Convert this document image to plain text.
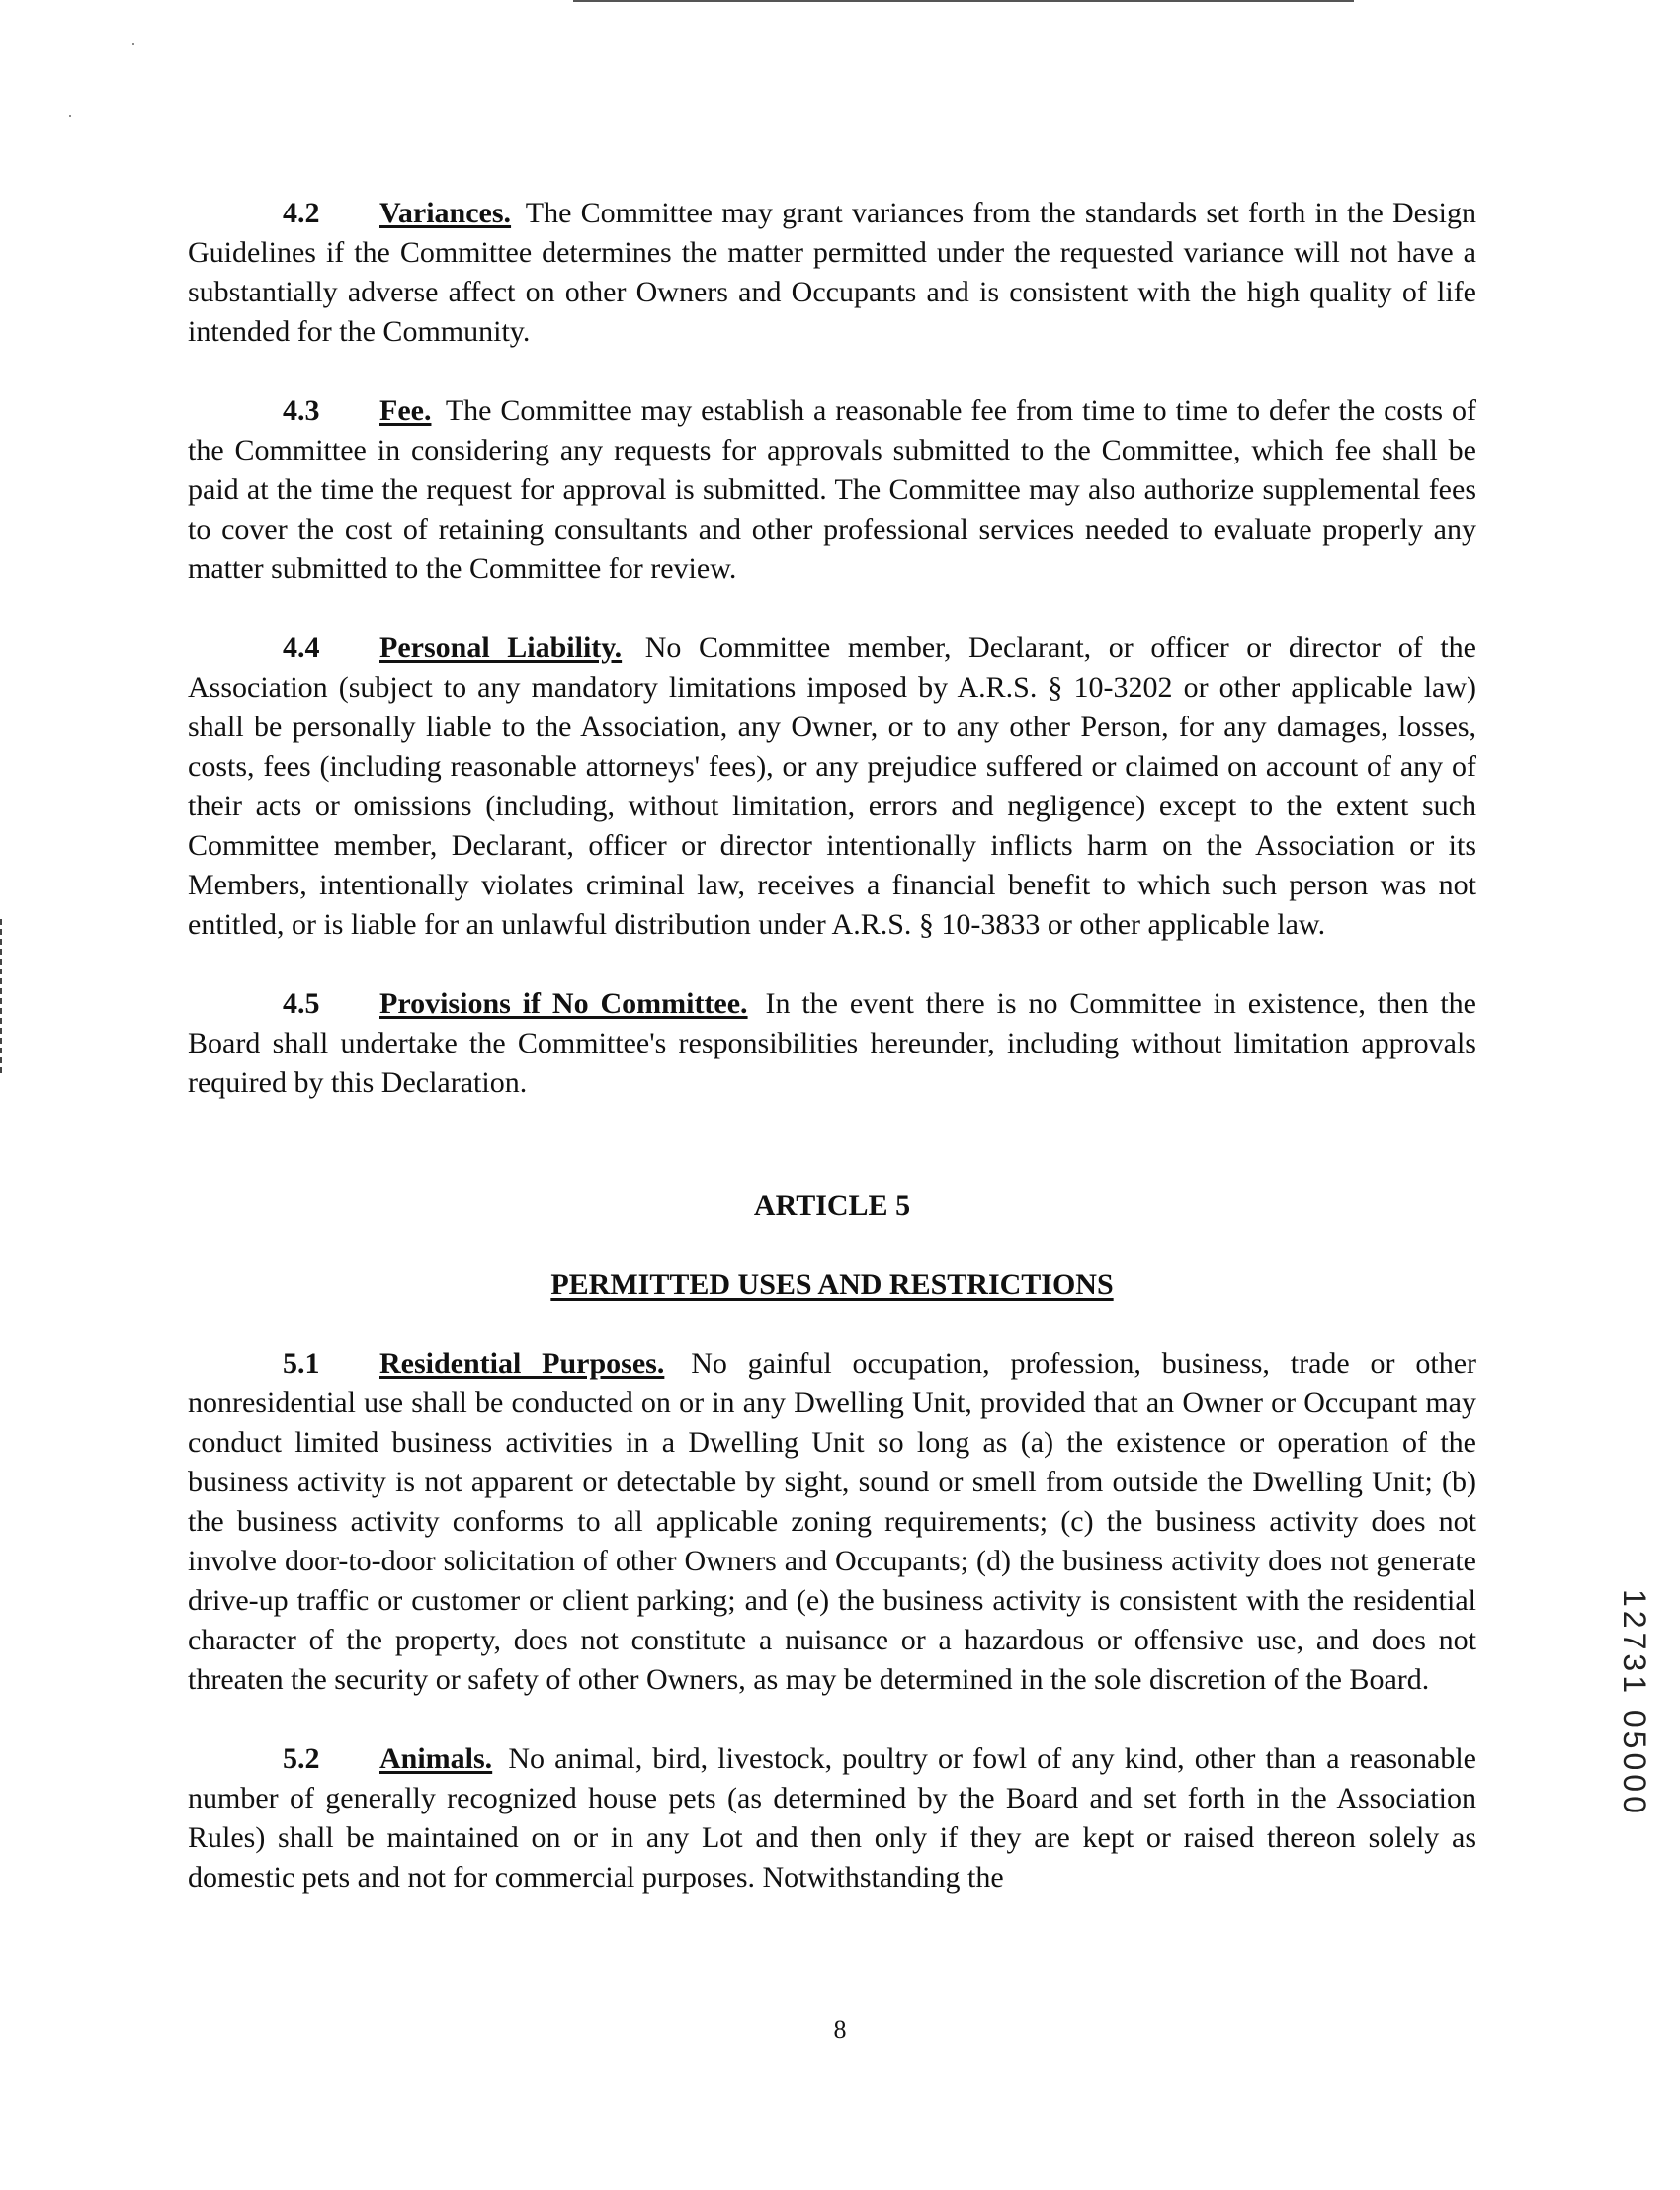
4.2 Variances. The Committee may grant variances from the standards set forth in the Design Guidelines if the Committee determines the matter permitted under the requested variance will not have a substantially adverse affect on other Owners and Occupants and is consistent with the high quality of life intended for the Community.

4.3 Fee. The Committee may establish a reasonable fee from time to time to defer the costs of the Committee in considering any requests for approvals submitted to the Committee, which fee shall be paid at the time the request for approval is submitted. The Committee may also authorize supplemental fees to cover the cost of retaining consultants and other professional services needed to evaluate properly any matter submitted to the Committee for review.

4.4 Personal Liability. No Committee member, Declarant, or officer or director of the Association (subject to any mandatory limitations imposed by A.R.S. § 10-3202 or other applicable law) shall be personally liable to the Association, any Owner, or to any other Person, for any damages, losses, costs, fees (including reasonable attorneys' fees), or any prejudice suffered or claimed on account of any of their acts or omissions (including, without limitation, errors and negligence) except to the extent such Committee member, Declarant, officer or director intentionally inflicts harm on the Association or its Members, intentionally violates criminal law, receives a financial benefit to which such person was not entitled, or is liable for an unlawful distribution under A.R.S. § 10-3833 or other applicable law.

4.5 Provisions if No Committee. In the event there is no Committee in existence, then the Board shall undertake the Committee's responsibilities hereunder, including without limitation approvals required by this Declaration.

ARTICLE 5

PERMITTED USES AND RESTRICTIONS

5.1 Residential Purposes. No gainful occupation, profession, business, trade or other nonresidential use shall be conducted on or in any Dwelling Unit, provided that an Owner or Occupant may conduct limited business activities in a Dwelling Unit so long as (a) the existence or operation of the business activity is not apparent or detectable by sight, sound or smell from outside the Dwelling Unit; (b) the business activity conforms to all applicable zoning requirements; (c) the business activity does not involve door-to-door solicitation of other Owners and Occupants; (d) the business activity does not generate drive-up traffic or customer or client parking; and (e) the business activity is consistent with the residential character of the property, does not constitute a nuisance or a hazardous or offensive use, and does not threaten the security or safety of other Owners, as may be determined in the sole discretion of the Board.

5.2 Animals. No animal, bird, livestock, poultry or fowl of any kind, other than a reasonable number of generally recognized house pets (as determined by the Board and set forth in the Association Rules) shall be maintained on or in any Lot and then only if they are kept or raised thereon solely as domestic pets and not for commercial purposes. Notwithstanding the

8
12731 05000
